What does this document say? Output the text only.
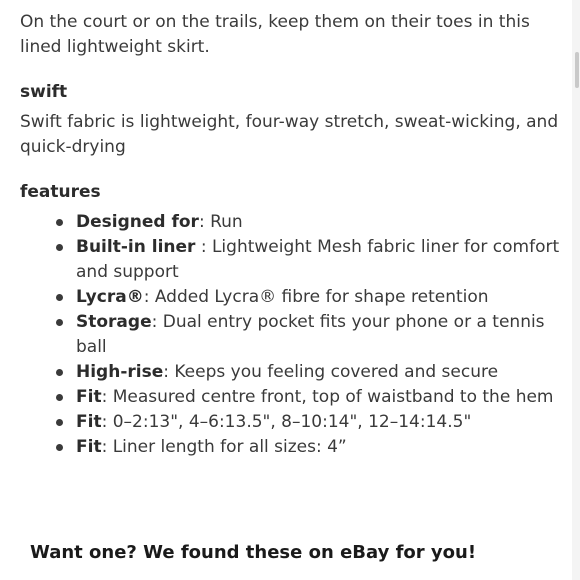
On the court or on the trails, keep them on their toes in this lined lightweight skirt.

swift

Swift fabric is lightweight, four-way stretch, sweat-wicking, and quick-drying

features
Designed for: Run
Built-in liner : Lightweight Mesh fabric liner for comfort and support
Lycra®: Added Lycra® fibre for shape retention
Storage: Dual entry pocket fits your phone or a tennis ball
High-rise: Keeps you feeling covered and secure
Fit: Measured centre front, top of waistband to the hem
Fit: 0–2:13", 4–6:13.5", 8–10:14", 12–14:14.5"
Fit: Liner length for all sizes: 4”
Want one? We found these on eBay for you!
